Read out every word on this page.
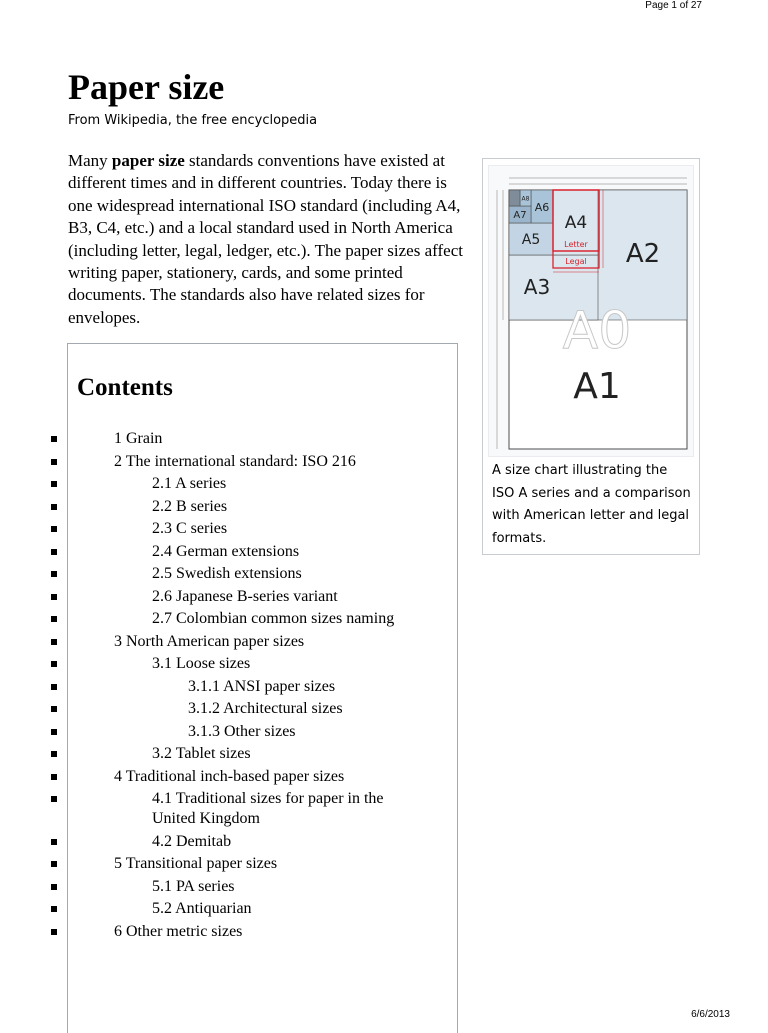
Page 1 of 27
Paper size
From Wikipedia, the free encyclopedia

Many paper size standards conventions have existed at different times and in different countries. Today there is one widespread international ISO standard (including A4, B3, C4, etc.) and a local standard used in North America (including letter, legal, ledger, etc.). The paper sizes affect writing paper, stationery, cards, and some printed documents. The standards also have related sizes for envelopes.

Contents
1 Grain
2 The international standard: ISO 216
2.1 A series
2.2 B series
2.3 C series
2.4 German extensions
2.5 Swedish extensions
2.6 Japanese B-series variant
2.7 Colombian common sizes naming
3 North American paper sizes
3.1 Loose sizes
3.1.1 ANSI paper sizes
3.1.2 Architectural sizes
3.1.3 Other sizes
3.2 Tablet sizes
4 Traditional inch-based paper sizes
4.1 Traditional sizes for paper in the United Kingdom
4.2 Demitab
5 Transitional paper sizes
5.1 PA series
5.2 Antiquarian
6 Other metric sizes
A8
A7
A6
A5
A4
Letter
Legal
A3
A2
A0
A1
A size chart illustrating the ISO A series and a comparison with American letter and legal formats.
6/6/2013
